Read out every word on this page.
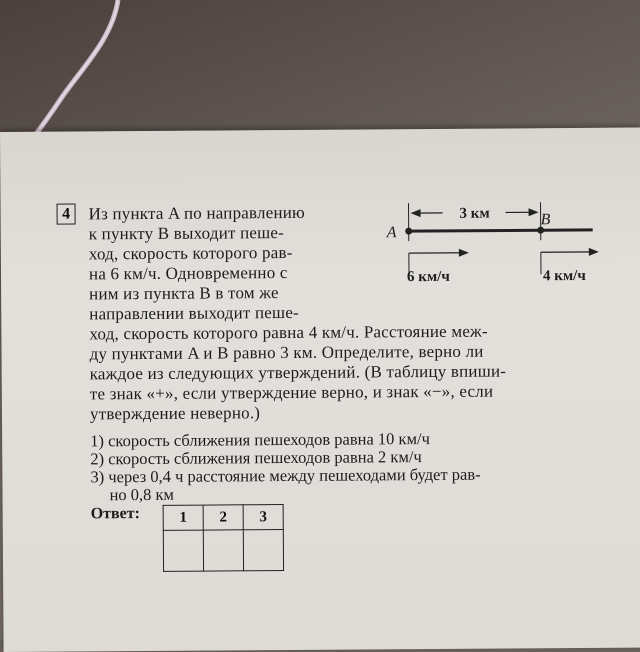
4	Из пункта A по направлению
к пункту B выходит пеше-
ход, скорость которого рав-
на 6 км/ч. Одновременно с
ним из пункта B в том же
направлении выходит пеше-
ход, скорость которого равна 4 км/ч. Расстояние меж-
ду пунктами A и B равно 3 км. Определите, верно ли
каждое из следующих утверждений. (В таблицу впиши-
те знак «+», если утверждение верно, и знак «−», если
утверждение неверно.)
3 км
A
B
6 км/ч	4 км/ч
1) скорость сближения пешеходов равна 10 км/ч
2) скорость сближения пешеходов равна 2 км/ч
3) через 0,4 ч расстояние между пешеходами будет рав-
но 0,8 км
Ответ:	1	2	3
